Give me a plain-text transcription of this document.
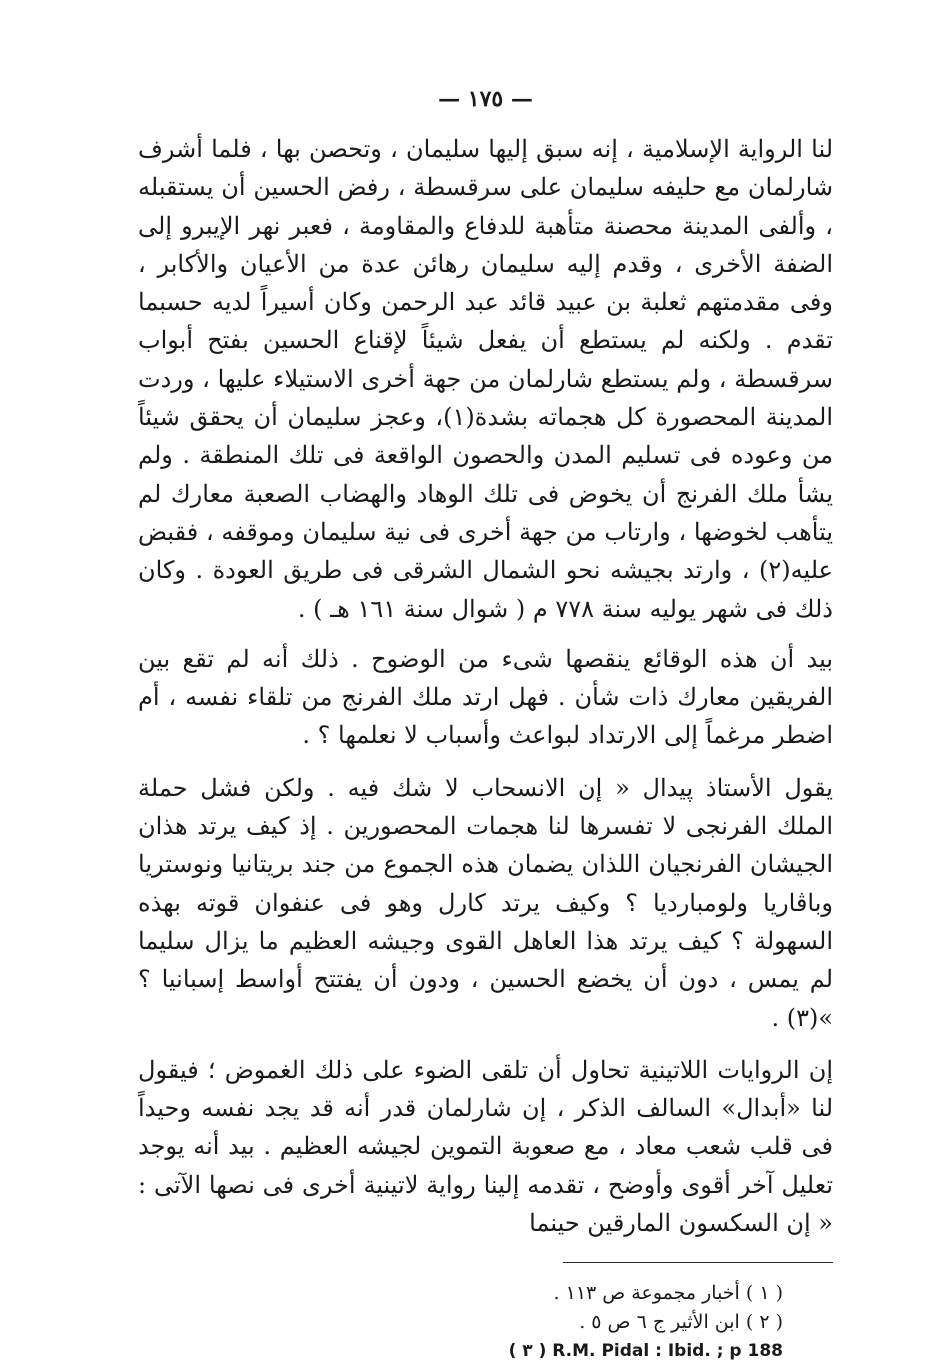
— ١٧٥ —

لنا الرواية الإسلامية ، إنه سبق إليها سليمان ، وتحصن بها ، فلما أشرف شارلمان مع حليفه سليمان على سرقسطة ، رفض الحسين أن يستقبله ، وألفى المدينة محصنة متأهبة للدفاع والمقاومة ، فعبر نهر الإيبرو إلى الضفة الأخرى ، وقدم إليه سليمان رهائن عدة من الأعيان والأكابر ، وفى مقدمتهم ثعلبة بن عبيد قائد عبد الرحمن وكان أسيراً لديه حسبما تقدم . ولكنه لم يستطع أن يفعل شيئاً لإقناع الحسين بفتح أبواب سرقسطة ، ولم يستطع شارلمان من جهة أخرى الاستيلاء عليها ، وردت المدينة المحصورة كل هجماته بشدة(١)، وعجز سليمان أن يحقق شيئاً من وعوده فى تسليم المدن والحصون الواقعة فى تلك المنطقة . ولم يشأ ملك الفرنج أن يخوض فى تلك الوهاد والهضاب الصعبة معارك لم يتأهب لخوضها ، وارتاب من جهة أخرى فى نية سليمان وموقفه ، فقبض عليه(٢) ، وارتد بجيشه نحو الشمال الشرقى فى طريق العودة . وكان ذلك فى شهر يوليه سنة ٧٧٨ م ( شوال سنة ١٦١ هـ ) .

بيد أن هذه الوقائع ينقصها شىء من الوضوح . ذلك أنه لم تقع بين الفريقين معارك ذات شأن . فهل ارتد ملك الفرنج من تلقاء نفسه ، أم اضطر مرغماً إلى الارتداد لبواعث وأسباب لا نعلمها ؟ .

يقول الأستاذ پيدال « إن الانسحاب لا شك فيه . ولكن فشل حملة الملك الفرنجى لا تفسرها لنا هجمات المحصورين . إذ كيف يرتد هذان الجيشان الفرنجيان اللذان يضمان هذه الجموع من جند بريتانيا ونوستريا وباڤاريا ولومبارديا ؟ وكيف يرتد كارل وهو فى عنفوان قوته بهذه السهولة ؟ كيف يرتد هذا العاهل القوى وجيشه العظيم ما يزال سليما لم يمس ، دون أن يخضع الحسين ، ودون أن يفتتح أواسط إسبانيا ؟ »(٣) .

إن الروايات اللاتينية تحاول أن تلقى الضوء على ذلك الغموض ؛ فيقول لنا «أبدال» السالف الذكر ، إن شارلمان قدر أنه قد يجد نفسه وحيداً فى قلب شعب معاد ، مع صعوبة التموين لجيشه العظيم . بيد أنه يوجد تعليل آخر أقوى وأوضح ، تقدمه إلينا رواية لاتينية أخرى فى نصها الآتى : « إن السكسون المارقين حينما

( ١ ) أخبار مجموعة ص ١١٣ .

( ٢ ) ابن الأثير ج ٦ ص ٥ .

R.M. Pidal : Ibid. ; p 188 ( ٣ )
